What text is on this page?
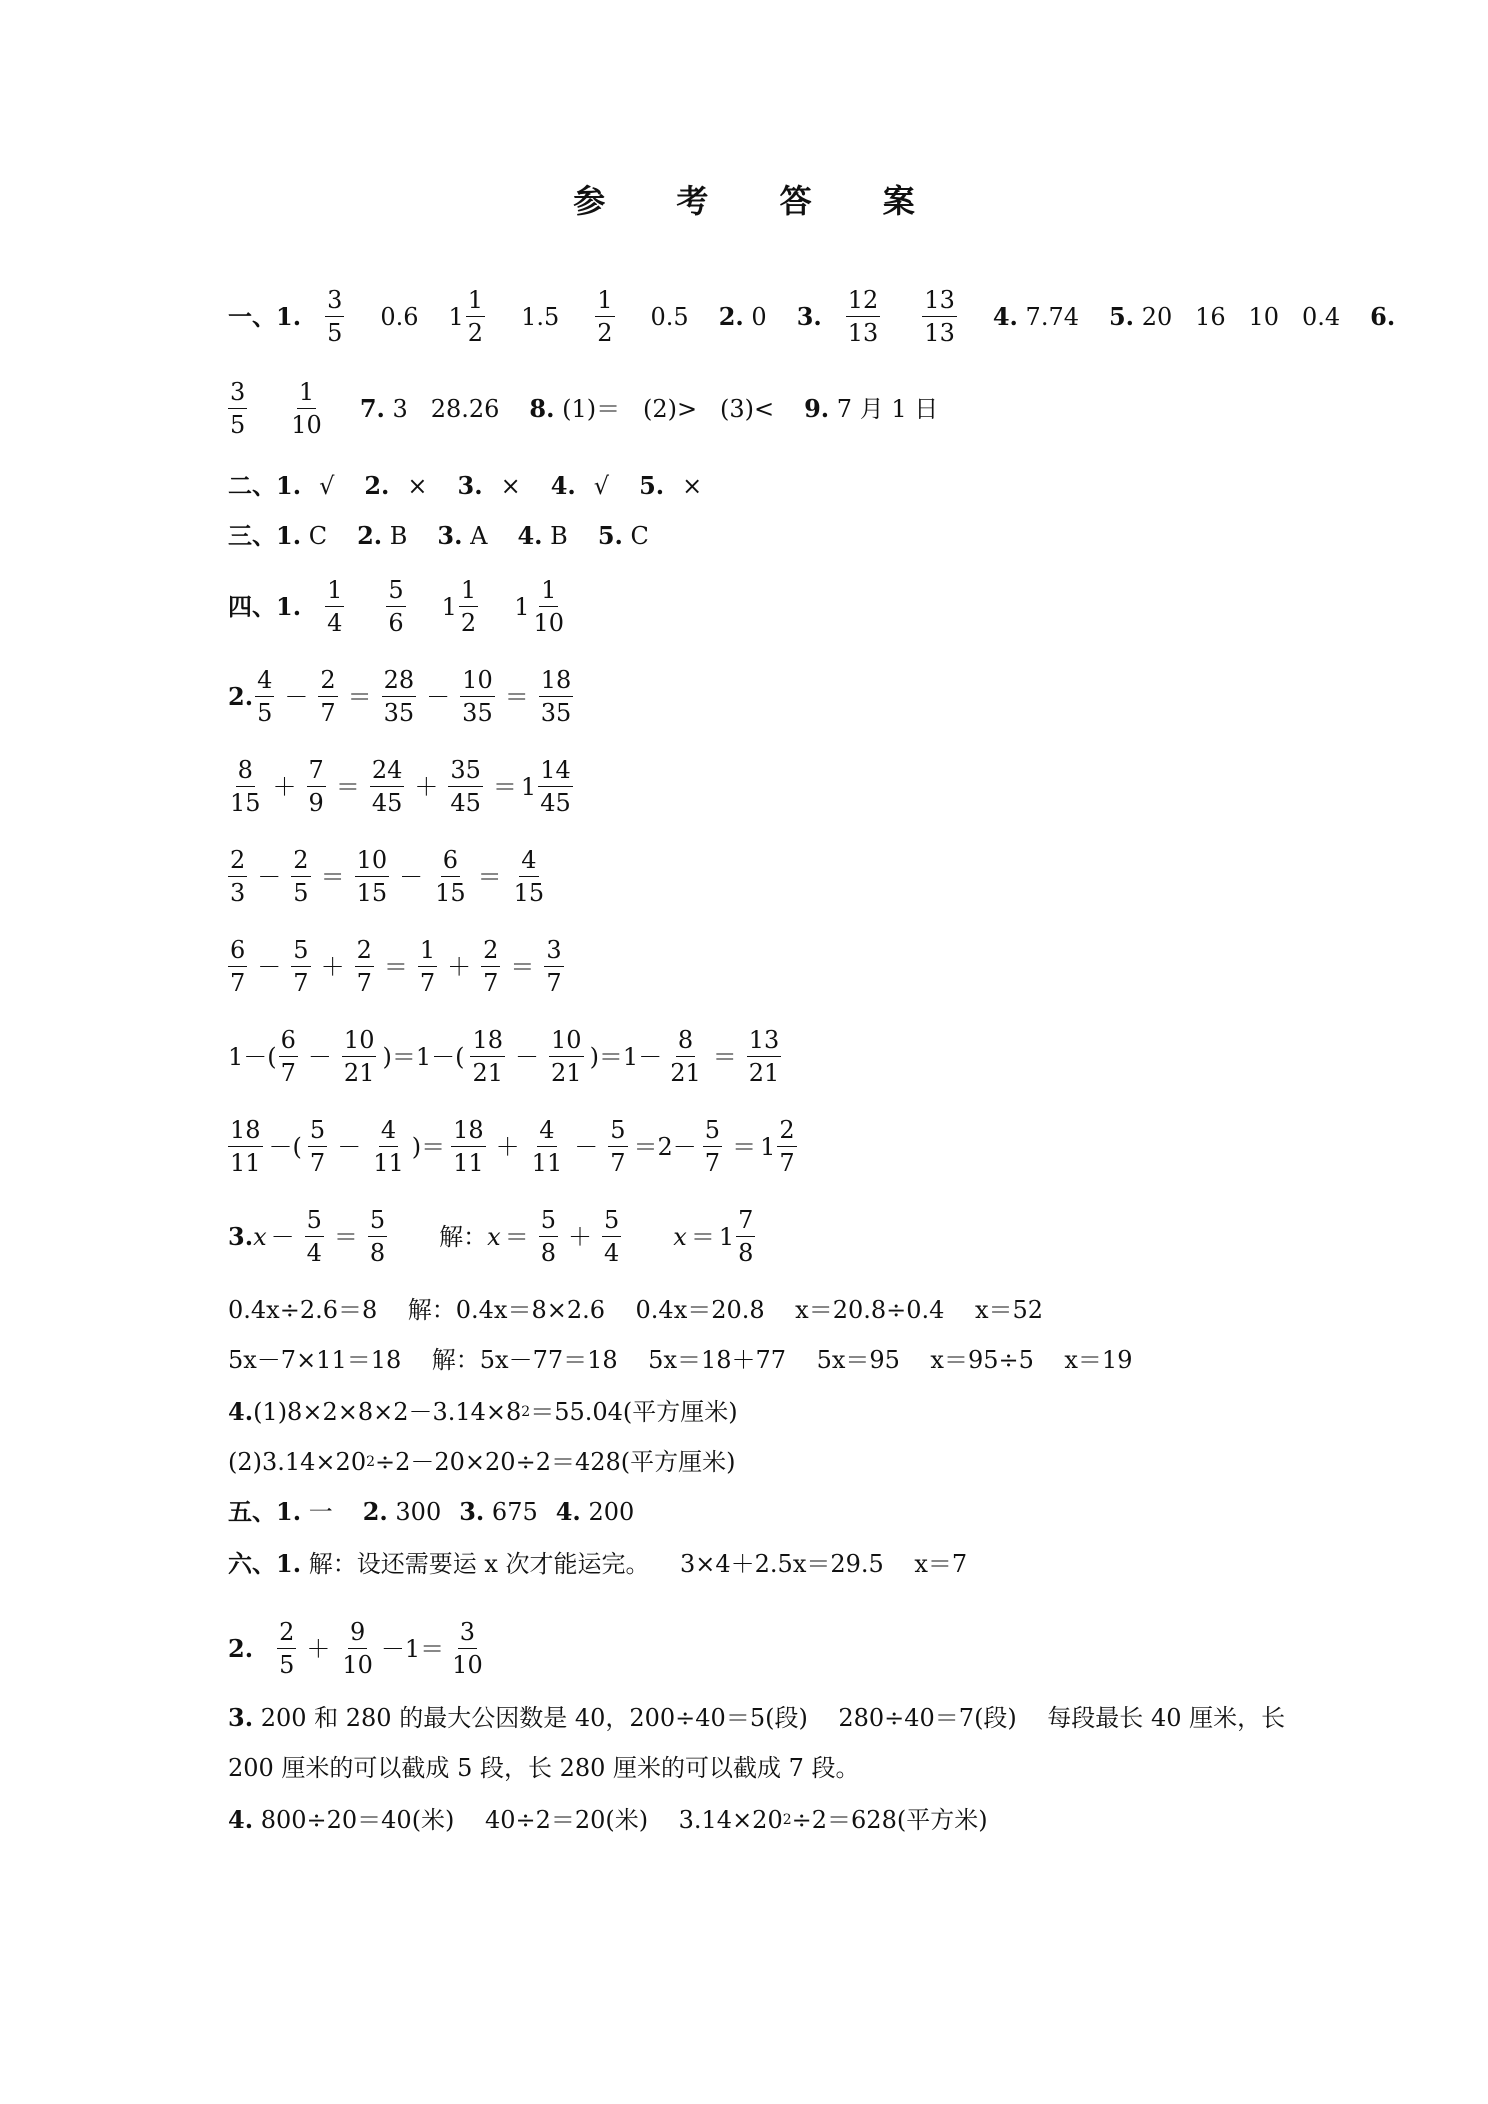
参 考 答 案
一、 1. $\frac{3}{5} 0.6$ $1 \frac{1}{2} 1.5 \frac{1}{2} 0.5$ 2.
0 3. $\frac{12}{13} \frac{13}{13} 4$.
7.74 5.
20   16   10   0.4 6.
$\frac{3}{5} \frac{1}{10} 7$.
3   28.26 8.
(1)＝   (2)>   (3)< 9.
7 月 1 日
二、 1. √ 2. × 3. × 4. √ 5. ×
三、 1.
C 2.
B 3.
A 4.
B 5.
C
四、 1. $\frac{1}{4} \frac{5}{6} 1 \frac{1}{2} 1 \frac{1}{10}$
2. $\frac{4}{5} - \frac{2}{7} = \frac{28}{35} - \frac{10}{35} = \frac{18}{35}$
$\frac{8}{15} + \frac{7}{9} = \frac{24}{45} + \frac{35}{45} = 1 \frac{14}{45}$
$\frac{2}{3} - \frac{2}{5} = \frac{10}{15} - \frac{6}{15} = \frac{4}{15}$
$\frac{6}{7} - \frac{5}{7} + \frac{2}{7} = \frac{1}{7} + \frac{2}{7} = \frac{3}{7}$
$1-( \frac{6}{7} - \frac{10}{21} )=1-( \frac{18}{21} - \frac{10}{21} )=1- \frac{8}{21} = \frac{13}{21}$
$\frac{18}{11}$ －( $\frac{5}{7} - \frac{4}{11}$ )＝ $\frac{18}{11} + \frac{4}{11} - \frac{5}{7} =2- \frac{5}{7} = 1 \frac{2}{7}$
3. $x - \frac{5}{4} = \frac{5}{8}$ 解： $x = \frac{5}{8} + \frac{5}{4}$ $x = 1 \frac{7}{8}$
0.4x÷2.6＝8    解：0.4x＝8×2.6    0.4x＝20.8    x＝20.8÷0.4    x＝52
5x－7×11＝18    解：5x－77＝18    5x＝18＋77    5x＝95    x＝95÷5    x＝19
4. (1)8×2×8×2－3.14×8 2 ＝55.04(平方厘米)
(2)3.14×20 2 ÷2－20×20÷2＝428(平方厘米)
五、 1.
一 2.
300 3.
675 4.
200
六、 1.
解：设还需要运 x 次才能运完。    3×4＋2.5x＝29.5    x＝7
2. $\frac{2}{5} + \frac{9}{10} -1= \frac{3}{10}$
3.
200 和 280 的最大公因数是 40，200÷40＝5(段)    280÷40＝7(段)    每段最长 40 厘米，长
200 厘米的可以截成 5 段，长 280 厘米的可以截成 7 段。
4.
800÷20＝40(米)    40÷2＝20(米)    3.14×20 2 ÷2＝628(平方米)
